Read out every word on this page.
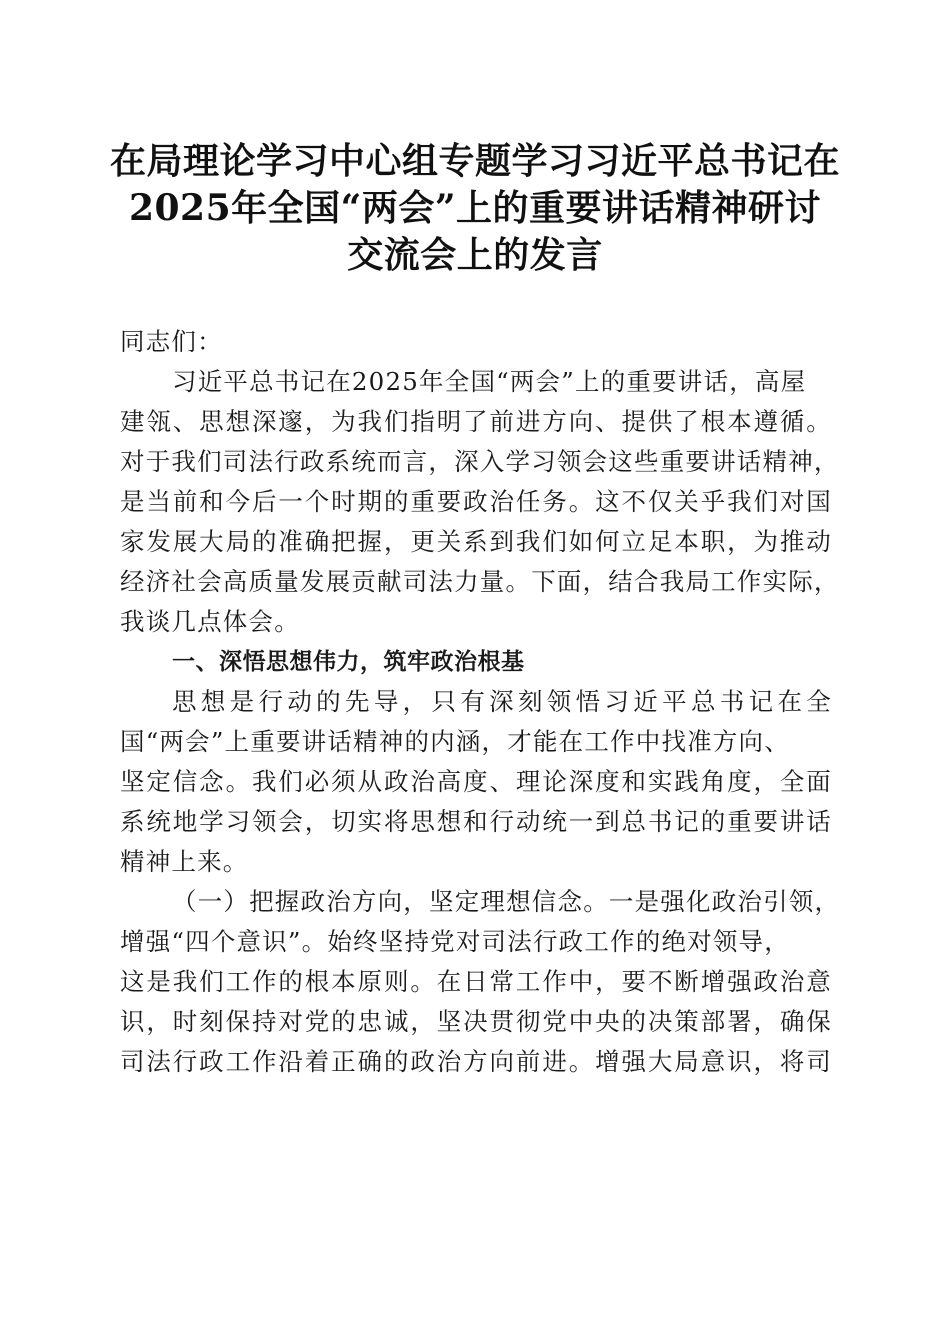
在局理论学习中心组专题学习习近平总书记在
2025年全国“两会”上的重要讲话精神研讨
交流会上的发言
同志们：
习近平总书记在2025年全国“两会”上的重要讲话，高屋
建瓴、思想深邃，为我们指明了前进方向、提供了根本遵循。
对于我们司法行政系统而言，深入学习领会这些重要讲话精神，
是当前和今后一个时期的重要政治任务。这不仅关乎我们对国
家发展大局的准确把握，更关系到我们如何立足本职，为推动
经济社会高质量发展贡献司法力量。下面，结合我局工作实际，
我谈几点体会。
一、深悟思想伟力，筑牢政治根基
思想是行动的先导，只有深刻领悟习近平总书记在全
国“两会”上重要讲话精神的内涵，才能在工作中找准方向、
坚定信念。我们必须从政治高度、理论深度和实践角度，全面
系统地学习领会，切实将思想和行动统一到总书记的重要讲话
精神上来。
（一）把握政治方向，坚定理想信念。一是强化政治引领，
增强“四个意识”。始终坚持党对司法行政工作的绝对领导，
这是我们工作的根本原则。在日常工作中，要不断增强政治意
识，时刻保持对党的忠诚，坚决贯彻党中央的决策部署，确保
司法行政工作沿着正确的政治方向前进。增强大局意识，将司
